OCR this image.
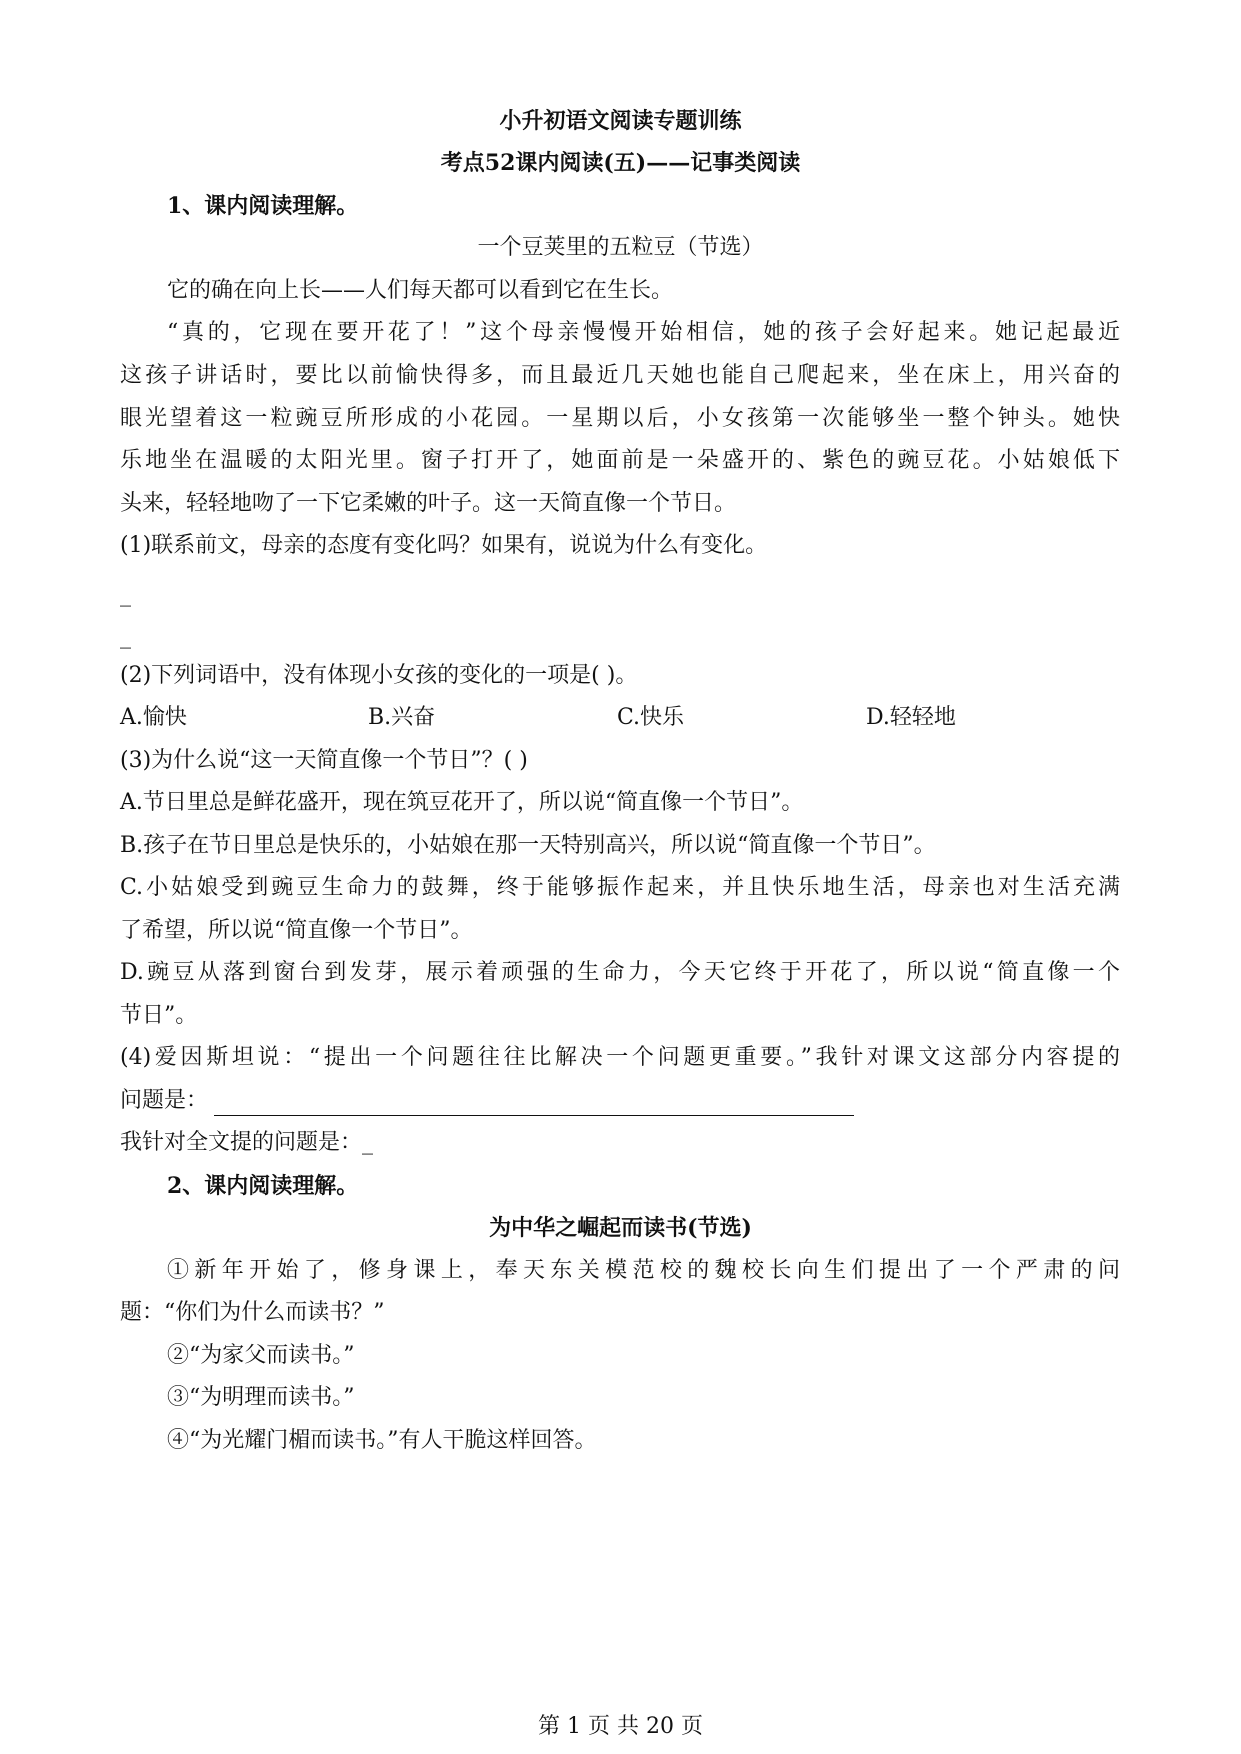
小升初语文阅读专题训练
考点52课内阅读(五)——记事类阅读
1、课内阅读理解。
一个豆荚里的五粒豆（节选）
它的确在向上长——人们每天都可以看到它在生长。
“真的，它现在要开花了！”这个母亲慢慢开始相信，她的孩子会好起来。她记起最近
这孩子讲话时，要比以前愉快得多，而且最近几天她也能自己爬起来，坐在床上，用兴奋的
眼光望着这一粒豌豆所形成的小花园。一星期以后，小女孩第一次能够坐一整个钟头。她快
乐地坐在温暖的太阳光里。窗子打开了，她面前是一朵盛开的、紫色的豌豆花。小姑娘低下
头来，轻轻地吻了一下它柔嫩的叶子。这一天简直像一个节日。
(1)联系前文，母亲的态度有变化吗？如果有，说说为什么有变化。
_
_
(2)下列词语中，没有体现小女孩的变化的一项是( )。
A.愉快	B.兴奋	C.快乐	D.轻轻地
(3)为什么说“这一天简直像一个节日”？( )
A.节日里总是鲜花盛开，现在筑豆花开了，所以说“简直像一个节日”。
B.孩子在节日里总是快乐的，小姑娘在那一天特别高兴，所以说“简直像一个节日”。
C.小姑娘受到豌豆生命力的鼓舞，终于能够振作起来，并且快乐地生活，母亲也对生活充满
了希望，所以说“简直像一个节日”。
D.豌豆从落到窗台到发芽，展示着顽强的生命力，今天它终于开花了，所以说“简直像一个
节日”。
(4)爱因斯坦说：“提出一个问题往往比解决一个问题更重要。”我针对课文这部分内容提的
问题是：
我针对全文提的问题是：_
2、课内阅读理解。
为中华之崛起而读书(节选)
①新年开始了，修身课上，奉天东关模范校的魏校长向生们提出了一个严肃的问
题：“你们为什么而读书？”
②“为家父而读书。”
③“为明理而读书。”
④“为光耀门楣而读书。”有人干脆这样回答。
第 1 页 共 20 页
